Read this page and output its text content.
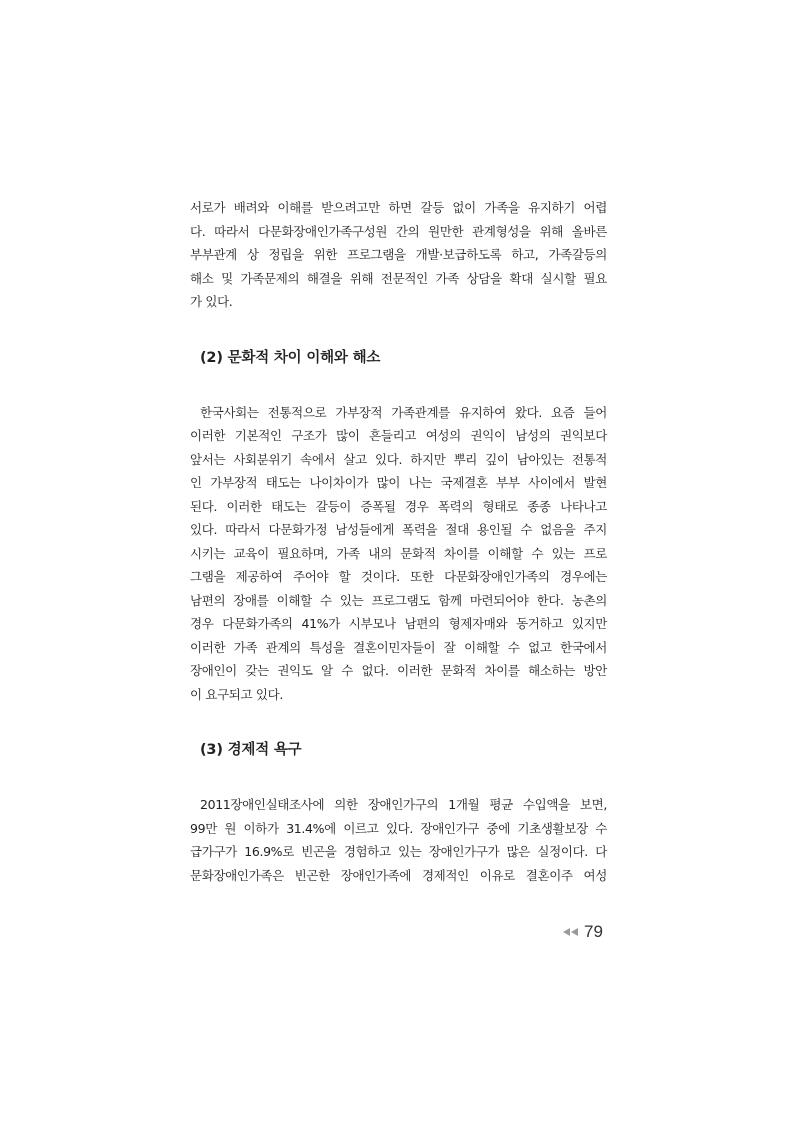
서로가 배려와 이해를 받으려고만 하면 갈등 없이 가족을 유지하기 어렵
다. 따라서 다문화장애인가족구성원 간의 원만한 관계형성을 위해 올바른
부부관계 상 정립을 위한 프로그램을 개발·보급하도록 하고, 가족갈등의
해소 및 가족문제의 해결을 위해 전문적인 가족 상담을 확대 실시할 필요
가 있다.

(2) 문화적 차이 이해와 해소

한국사회는 전통적으로 가부장적 가족관계를 유지하여 왔다. 요즘 들어
이러한 기본적인 구조가 많이 흔들리고 여성의 권익이 남성의 권익보다
앞서는 사회분위기 속에서 살고 있다. 하지만 뿌리 깊이 남아있는 전통적
인 가부장적 태도는 나이차이가 많이 나는 국제결혼 부부 사이에서 발현
된다. 이러한 태도는 갈등이 증폭될 경우 폭력의 형태로 종종 나타나고
있다. 따라서 다문화가정 남성들에게 폭력을 절대 용인될 수 없음을 주지
시키는 교육이 필요하며, 가족 내의 문화적 차이를 이해할 수 있는 프로
그램을 제공하여 주어야 할 것이다. 또한 다문화장애인가족의 경우에는
남편의 장애를 이해할 수 있는 프로그램도 함께 마련되어야 한다. 농촌의
경우 다문화가족의 41%가 시부모나 남편의 형제자매와 동거하고 있지만
이러한 가족 관계의 특성을 결혼이민자들이 잘 이해할 수 없고 한국에서
장애인이 갖는 권익도 알 수 없다. 이러한 문화적 차이를 해소하는 방안
이 요구되고 있다.

(3) 경제적 욕구

2011장애인실태조사에 의한 장애인가구의 1개월 평균 수입액을 보면,
99만 원 이하가 31.4%에 이르고 있다. 장애인가구 중에 기초생활보장 수
급가구가 16.9%로 빈곤을 경험하고 있는 장애인가구가 많은 실정이다. 다
문화장애인가족은 빈곤한 장애인가족에 경제적인 이유로 결혼이주 여성

79
